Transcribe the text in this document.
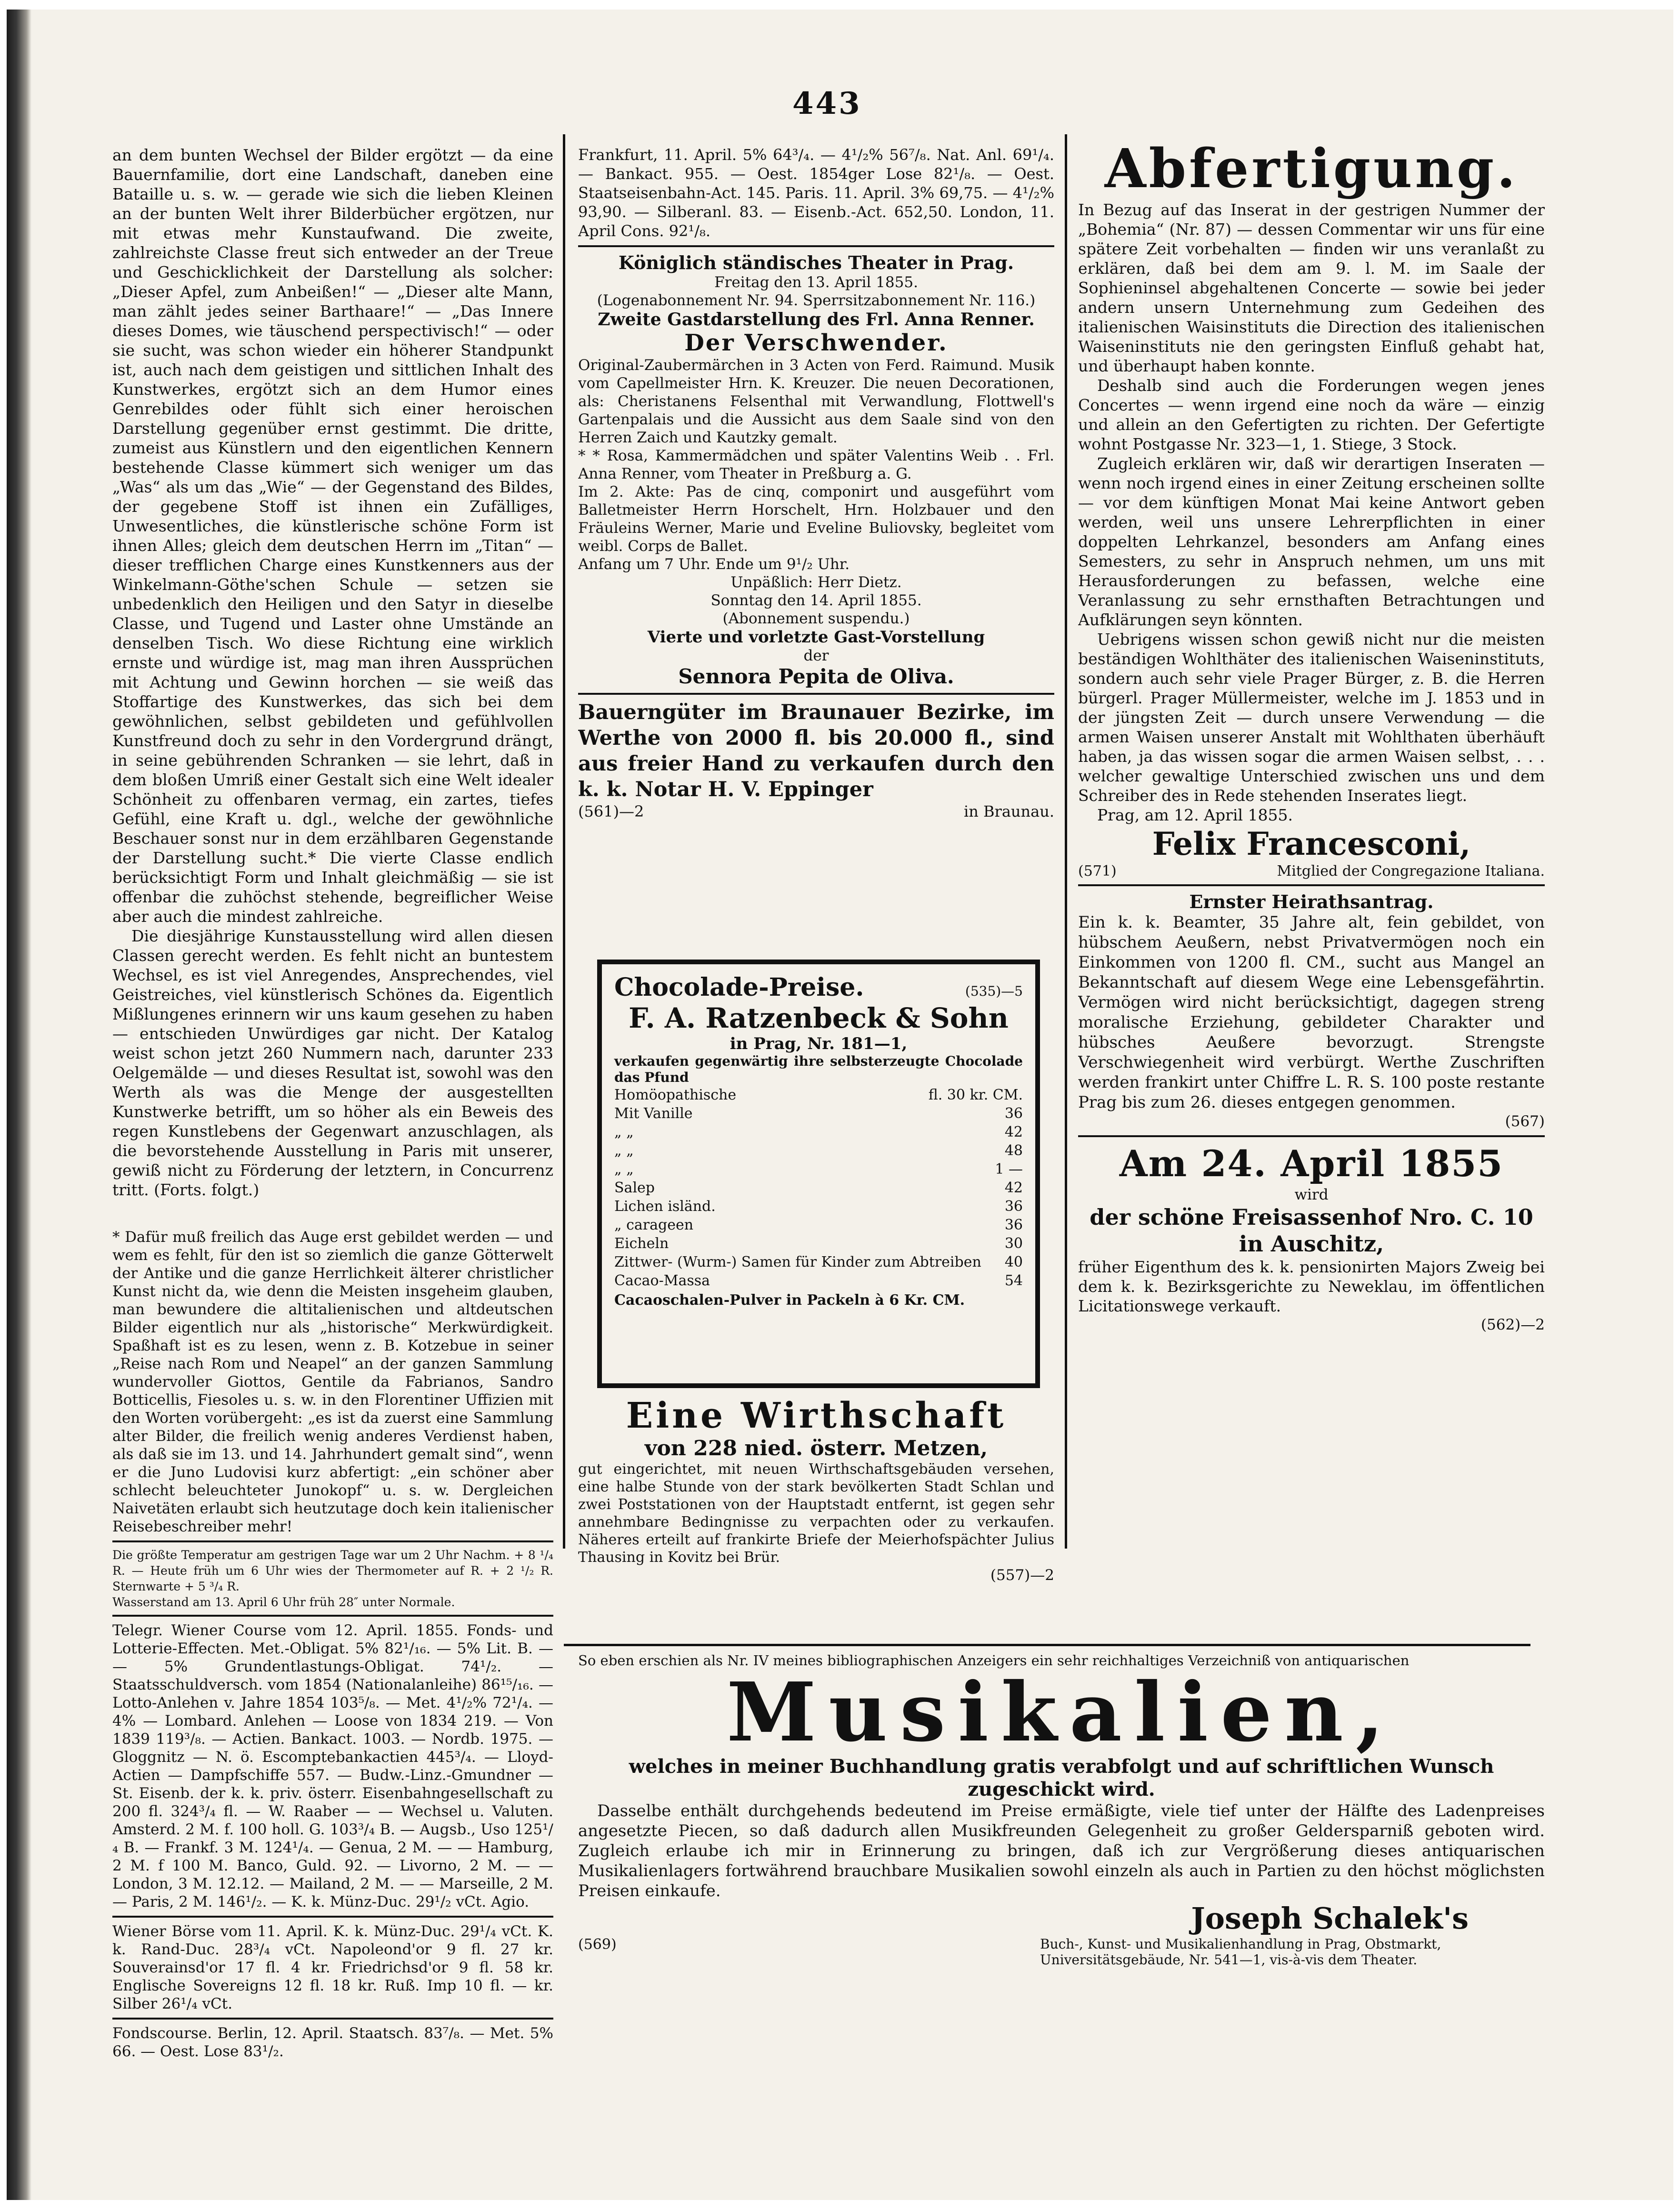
443

an dem bunten Wechsel der Bilder ergötzt — da eine Bauernfamilie, dort eine Landschaft, daneben eine Bataille u. s. w. — gerade wie sich die lieben Kleinen an der bunten Welt ihrer Bilderbücher ergötzen, nur mit etwas mehr Kunstaufwand. Die zweite, zahlreichste Classe freut sich entweder an der Treue und Geschicklichkeit der Darstellung als solcher: „Dieser Apfel, zum Anbeißen!“ — „Dieser alte Mann, man zählt jedes seiner Barthaare!“ — „Das Innere dieses Domes, wie täuschend perspectivisch!“ — oder sie sucht, was schon wieder ein höherer Standpunkt ist, auch nach dem geistigen und sittlichen Inhalt des Kunstwerkes, ergötzt sich an dem Humor eines Genrebildes oder fühlt sich einer heroischen Darstellung gegenüber ernst gestimmt. Die dritte, zumeist aus Künstlern und den eigentlichen Kennern bestehende Classe kümmert sich weniger um das „Was“ als um das „Wie“ — der Gegenstand des Bildes, der gegebene Stoff ist ihnen ein Zufälliges, Unwesentliches, die künstlerische schöne Form ist ihnen Alles; gleich dem deutschen Herrn im „Titan“ — dieser trefflichen Charge eines Kunstkenners aus der Winkelmann-Göthe'schen Schule — setzen sie unbedenklich den Heiligen und den Satyr in dieselbe Classe, und Tugend und Laster ohne Umstände an denselben Tisch. Wo diese Richtung eine wirklich ernste und würdige ist, mag man ihren Aussprüchen mit Achtung und Gewinn horchen — sie weiß das Stoffartige des Kunstwerkes, das sich bei dem gewöhnlichen, selbst gebildeten und gefühlvollen Kunstfreund doch zu sehr in den Vordergrund drängt, in seine gebührenden Schranken — sie lehrt, daß in dem bloßen Umriß einer Gestalt sich eine Welt idealer Schönheit zu offenbaren vermag, ein zartes, tiefes Gefühl, eine Kraft u. dgl., welche der gewöhnliche Beschauer sonst nur in dem erzählbaren Gegenstande der Darstellung sucht.* Die vierte Classe endlich berücksichtigt Form und Inhalt gleichmäßig — sie ist offenbar die zuhöchst stehende, begreiflicher Weise aber auch die mindest zahlreiche.

Die diesjährige Kunstausstellung wird allen diesen Classen gerecht werden. Es fehlt nicht an buntestem Wechsel, es ist viel Anregendes, Ansprechendes, viel Geistreiches, viel künstlerisch Schönes da. Eigentlich Mißlungenes erinnern wir uns kaum gesehen zu haben — entschieden Unwürdiges gar nicht. Der Katalog weist schon jetzt 260 Nummern nach, darunter 233 Oelgemälde — und dieses Resultat ist, sowohl was den Werth als was die Menge der ausgestellten Kunstwerke betrifft, um so höher als ein Beweis des regen Kunstlebens der Gegenwart anzuschlagen, als die bevorstehende Ausstellung in Paris mit unserer, gewiß nicht zu Förderung der letztern, in Concurrenz tritt. (Forts. folgt.)

* Dafür muß freilich das Auge erst gebildet werden — und wem es fehlt, für den ist so ziemlich die ganze Götterwelt der Antike und die ganze Herrlichkeit älterer christlicher Kunst nicht da, wie denn die Meisten insgeheim glauben, man bewundere die altitalienischen und altdeutschen Bilder eigentlich nur als „historische“ Merkwürdigkeit. Spaßhaft ist es zu lesen, wenn z. B. Kotzebue in seiner „Reise nach Rom und Neapel“ an der ganzen Sammlung wundervoller Giottos, Gentile da Fabrianos, Sandro Botticellis, Fiesoles u. s. w. in den Florentiner Uffizien mit den Worten vorübergeht: „es ist da zuerst eine Sammlung alter Bilder, die freilich wenig anderes Verdienst haben, als daß sie im 13. und 14. Jahrhundert gemalt sind“, wenn er die Juno Ludovisi kurz abfertigt: „ein schöner aber schlecht beleuchteter Junokopf“ u. s. w. Dergleichen Naivetäten erlaubt sich heutzutage doch kein italienischer Reisebeschreiber mehr!

Die größte Temperatur am gestrigen Tage war um 2 Uhr Nachm. + 8 ¹/₄ R. — Heute früh um 6 Uhr wies der Thermometer auf R. + 2 ¹/₂ R. Sternwarte + 5 ³/₄ R.

Wasserstand am 13. April 6 Uhr früh 28″ unter Normale.

Telegr. Wiener Course vom 12. April. 1855. Fonds- und Lotterie-Effecten. Met.-Obligat. 5% 82¹/₁₆. — 5% Lit. B. — — 5% Grundentlastungs-Obligat. 74¹/₂. — Staatsschuldversch. vom 1854 (Nationalanleihe) 86¹⁵/₁₆. — Lotto-Anlehen v. Jahre 1854 103⁵/₈. — Met. 4¹/₂% 72¹/₄. — 4% — Lombard. Anlehen — Loose von 1834 219. — Von 1839 119³/₈. — Actien. Bankact. 1003. — Nordb. 1975. — Gloggnitz — N. ö. Escomptebankactien 445³/₄. — Lloyd-Actien — Dampfschiffe 557. — Budw.-Linz.-Gmundner — St. Eisenb. der k. k. priv. österr. Eisenbahngesellschaft zu 200 fl. 324³/₄ fl. — W. Raaber — — Wechsel u. Valuten. Amsterd. 2 M. f. 100 holl. G. 103³/₄ B. — Augsb., Uso 125¹/₄ B. — Frankf. 3 M. 124¹/₄. — Genua, 2 M. — — Hamburg, 2 M. f 100 M. Banco, Guld. 92. — Livorno, 2 M. — — London, 3 M. 12.12. — Mailand, 2 M. — — Marseille, 2 M. — Paris, 2 M. 146¹/₂. — K. k. Münz-Duc. 29¹/₂ vCt. Agio.

Wiener Börse vom 11. April. K. k. Münz-Duc. 29¹/₄ vCt. K. k. Rand-Duc. 28³/₄ vCt. Napoleond'or 9 fl. 27 kr. Souverainsd'or 17 fl. 4 kr. Friedrichsd'or 9 fl. 58 kr. Englische Sovereigns 12 fl. 18 kr. Ruß. Imp 10 fl. — kr. Silber 26¹/₄ vCt.

Fondscourse. Berlin, 12. April. Staatsch. 83⁷/₈. — Met. 5% 66. — Oest. Lose 83¹/₂.

Frankfurt, 11. April. 5% 64³/₄. — 4¹/₂% 56⁷/₈. Nat. Anl. 69¹/₄. — Bankact. 955. — Oest. 1854ger Lose 82¹/₈. — Oest. Staatseisenbahn-Act. 145. Paris. 11. April. 3% 69,75. — 4¹/₂% 93,90. — Silberanl. 83. — Eisenb.-Act. 652,50. London, 11. April Cons. 92¹/₈.

Königlich ständisches Theater in Prag.

Freitag den 13. April 1855.

(Logenabonnement Nr. 94. Sperrsitzabonnement Nr. 116.)

Zweite Gastdarstellung des Frl. Anna Renner.

Der Verschwender.

Original-Zaubermärchen in 3 Acten von Ferd. Raimund. Musik vom Capellmeister Hrn. K. Kreuzer. Die neuen Decorationen, als: Cheristanens Felsenthal mit Verwandlung, Flottwell's Gartenpalais und die Aussicht aus dem Saale sind von den Herren Zaich und Kautzky gemalt.

* * Rosa, Kammermädchen und später Valentins Weib . . Frl. Anna Renner, vom Theater in Preßburg a. G.

Im 2. Akte: Pas de cinq, componirt und ausgeführt vom Balletmeister Herrn Horschelt, Hrn. Holzbauer und den Fräuleins Werner, Marie und Eveline Buliovsky, begleitet vom weibl. Corps de Ballet.

Anfang um 7 Uhr. Ende um 9¹/₂ Uhr.

Unpäßlich: Herr Dietz.

Sonntag den 14. April 1855.

(Abonnement suspendu.)

Vierte und vorletzte Gast-Vorstellung

der

Sennora Pepita de Oliva.

Bauerngüter im Braunauer Bezirke, im Werthe von 2000 fl. bis 20.000 fl., sind aus freier Hand zu verkaufen durch den k. k. Notar H. V. Eppinger

(561)—2	in Braunau.
Chocolade-Preise.	(535)—5

F. A. Ratzenbeck & Sohn

in Prag, Nr. 181—1,

verkaufen gegenwärtig ihre selbsterzeugte Chocolade das Pfund

Homöopathische	fl. 30 kr. CM.
Mit Vanille	36
„ „	42
„ „	48
„ „	1 —
Salep	42
Lichen isländ.	36
„ carageen	36
Eicheln	30
Zittwer- (Wurm-) Samen für Kinder zum Abtreiben 40
Cacao-Massa	54

Cacaoschalen-Pulver in Packeln à 6 Kr. CM.

Eine Wirthschaft

von 228 nied. österr. Metzen,

gut eingerichtet, mit neuen Wirthschaftsgebäuden versehen, eine halbe Stunde von der stark bevölkerten Stadt Schlan und zwei Poststationen von der Hauptstadt entfernt, ist gegen sehr annehmbare Bedingnisse zu verpachten oder zu verkaufen. Näheres erteilt auf frankirte Briefe der Meierhofspächter Julius Thausing in Kovitz bei Brür.

(557)—2

Abfertigung.

In Bezug auf das Inserat in der gestrigen Nummer der „Bohemia“ (Nr. 87) — dessen Commentar wir uns für eine spätere Zeit vorbehalten — finden wir uns veranlaßt zu erklären, daß bei dem am 9. l. M. im Saale der Sophieninsel abgehaltenen Concerte — sowie bei jeder andern unsern Unternehmung zum Gedeihen des italienischen Waisinstituts die Direction des italienischen Waiseninstituts nie den geringsten Einfluß gehabt hat, und überhaupt haben konnte.

Deshalb sind auch die Forderungen wegen jenes Concertes — wenn irgend eine noch da wäre — einzig und allein an den Gefertigten zu richten. Der Gefertigte wohnt Postgasse Nr. 323—1, 1. Stiege, 3 Stock.

Zugleich erklären wir, daß wir derartigen Inseraten — wenn noch irgend eines in einer Zeitung erscheinen sollte — vor dem künftigen Monat Mai keine Antwort geben werden, weil uns unsere Lehrerpflichten in einer doppelten Lehrkanzel, besonders am Anfang eines Semesters, zu sehr in Anspruch nehmen, um uns mit Herausforderungen zu befassen, welche eine Veranlassung zu sehr ernsthaften Betrachtungen und Aufklärungen seyn könnten.

Uebrigens wissen schon gewiß nicht nur die meisten beständigen Wohlthäter des italienischen Waiseninstituts, sondern auch sehr viele Prager Bürger, z. B. die Herren bürgerl. Prager Müllermeister, welche im J. 1853 und in der jüngsten Zeit — durch unsere Verwendung — die armen Waisen unserer Anstalt mit Wohlthaten überhäuft haben, ja das wissen sogar die armen Waisen selbst, . . . welcher gewaltige Unterschied zwischen uns und dem Schreiber des in Rede stehenden Inserates liegt.

Prag, am 12. April 1855.

Felix Francesconi,

(571)	Mitglied der Congregazione Italiana.

Ernster Heirathsantrag.

Ein k. k. Beamter, 35 Jahre alt, fein gebildet, von hübschem Aeußern, nebst Privatvermögen noch ein Einkommen von 1200 fl. CM., sucht aus Mangel an Bekanntschaft auf diesem Wege eine Lebensgefährtin. Vermögen wird nicht berücksichtigt, dagegen streng moralische Erziehung, gebildeter Charakter und hübsches Aeußere bevorzugt. Strengste Verschwiegenheit wird verbürgt. Werthe Zuschriften werden frankirt unter Chiffre L. R. S. 100 poste restante Prag bis zum 26. dieses entgegen genommen.

(567)

Am 24. April 1855

wird

der schöne Freisassenhof Nro. C. 10 in Auschitz,

früher Eigenthum des k. k. pensionirten Majors Zweig bei dem k. k. Bezirksgerichte zu Neweklau, im öffentlichen Licitationswege verkauft.

(562)—2

So eben erschien als Nr. IV meines bibliographischen Anzeigers ein sehr reichhaltiges Verzeichniß von antiquarischen

Musikalien,

welches in meiner Buchhandlung gratis verabfolgt und auf schriftlichen Wunsch zugeschickt wird.

Dasselbe enthält durchgehends bedeutend im Preise ermäßigte, viele tief unter der Hälfte des Ladenpreises angesetzte Piecen, so daß dadurch allen Musikfreunden Gelegenheit zu großer Geldersparniß geboten wird. Zugleich erlaube ich mir in Erinnerung zu bringen, daß ich zur Vergrößerung dieses antiquarischen Musikalienlagers fortwährend brauchbare Musikalien sowohl einzeln als auch in Partien zu den höchst möglichsten Preisen einkaufe.

Joseph Schalek's

(569)	Buch-, Kunst- und Musikalienhandlung in Prag, Obstmarkt, Universitätsgebäude, Nr. 541—1, vis-à-vis dem Theater.
